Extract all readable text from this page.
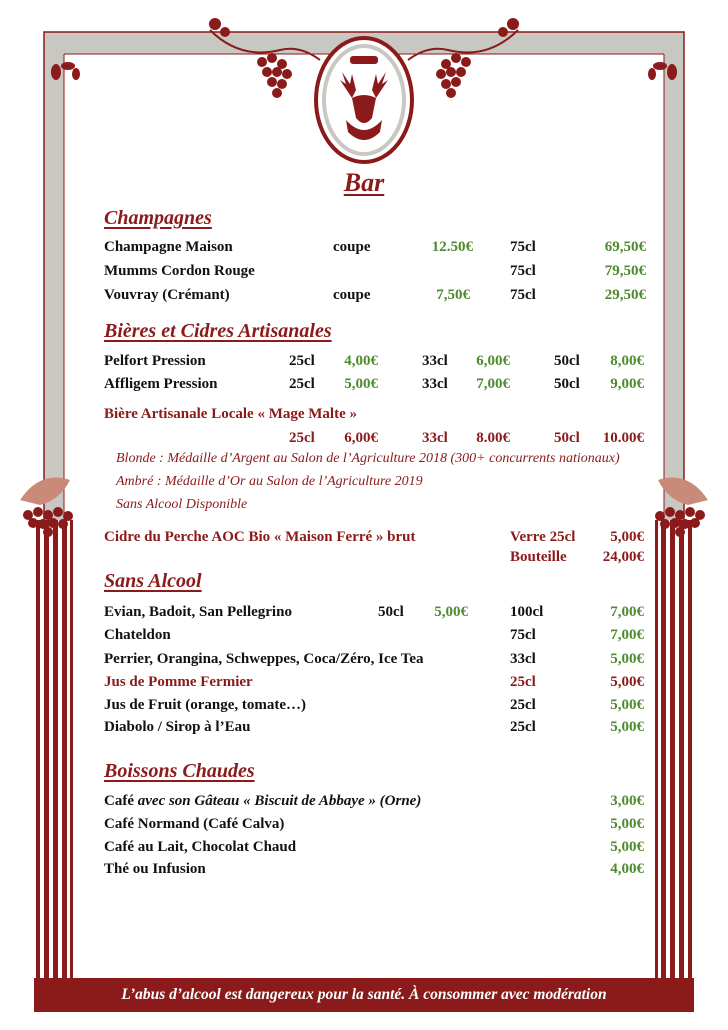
Bar
Champagnes
Champagne Maison	coupe	12.50€ 75cl	69,50€
Mumms Cordon Rouge	75cl	79,50€
Vouvray (Crémant)	coupe	7,50€	75cl	29,50€
Bières et Cidres Artisanales
Pelfort Pression	25cl	4,00€	33cl	6,00€	50cl	8,00€
Affligem Pression	25cl	5,00€	33cl	7,00€	50cl	9,00€
Bière Artisanale Locale « Mage Malte »
25cl	6,00€	33cl	8.00€	50cl	10.00€
Blonde : Médaille d’Argent au Salon de l’Agriculture 2018 (300+ concurrents nationaux)
Ambré : Médaille d’Or au Salon de l’Agriculture 2019
Sans Alcool Disponible
Cidre du Perche AOC Bio « Maison Ferré » brut	Verre 25cl	5,00€
Bouteille	24,00€
Sans Alcool
Evian, Badoit, San Pellegrino	50cl	5,00€	100cl	7,00€
Chateldon	75cl	7,00€
Perrier, Orangina, Schweppes, Coca/Zéro, Ice Tea	33cl	5,00€
Jus de Pomme Fermier	25cl	5,00€
Jus de Fruit (orange, tomate…)	25cl	5,00€
Diabolo / Sirop à l’Eau	25cl	5,00€
Boissons Chaudes
Café avec son Gâteau « Biscuit de Abbaye » (Orne)	3,00€
Café Normand (Café Calva)	5,00€
Café au Lait, Chocolat Chaud	5,00€
Thé ou Infusion	4,00€
L’abus d’alcool est dangereux pour la santé. À consommer avec modération
